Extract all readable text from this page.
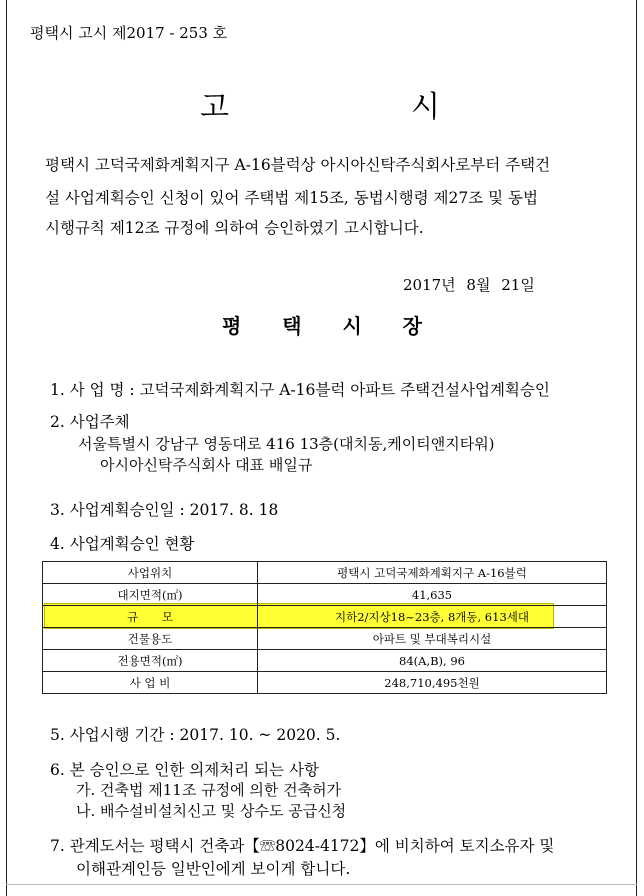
평택시 고시 제2017 - 253 호
고	시
평택시 고덕국제화계획지구 A-16블럭상 아시아신탁주식회사로부터 주택건
설 사업계획승인 신청이 있어 주택법 제15조, 동법시행령 제27조 및 동법
시행규칙 제12조 규정에 의하여 승인하였기 고시합니다.
2017년 8월 21일
평 택 시 장
1. 사 업 명 : 고덕국제화계획지구 A-16블럭 아파트 주택건설사업계획승인
2. 사업주체
서울특별시 강남구 영동대로 416 13층(대치동,케이티앤지타워)
아시아신탁주식회사 대표 배일규
3. 사업계획승인일 : 2017. 8. 18
4. 사업계획승인 현황
사업위치	평택시 고덕국제화계획지구 A-16블럭
대지면적(㎡)	41,635
규 모	지하2/지상18~23층, 8개동, 613세대
건물용도	아파트 및 부대복리시설
전용면적(㎡)	84(A,B), 96
사 업 비	248,710,495천원
5. 사업시행 기간 : 2017. 10. ~ 2020. 5.
6. 본 승인으로 인한 의제처리 되는 사항
가. 건축법 제11조 규정에 의한 건축허가
나. 배수설비설치신고 및 상수도 공급신청
7. 관계도서는 평택시 건축과【☏8024-4172】에 비치하여 토지소유자 및
이해관계인등 일반인에게 보이게 합니다.
